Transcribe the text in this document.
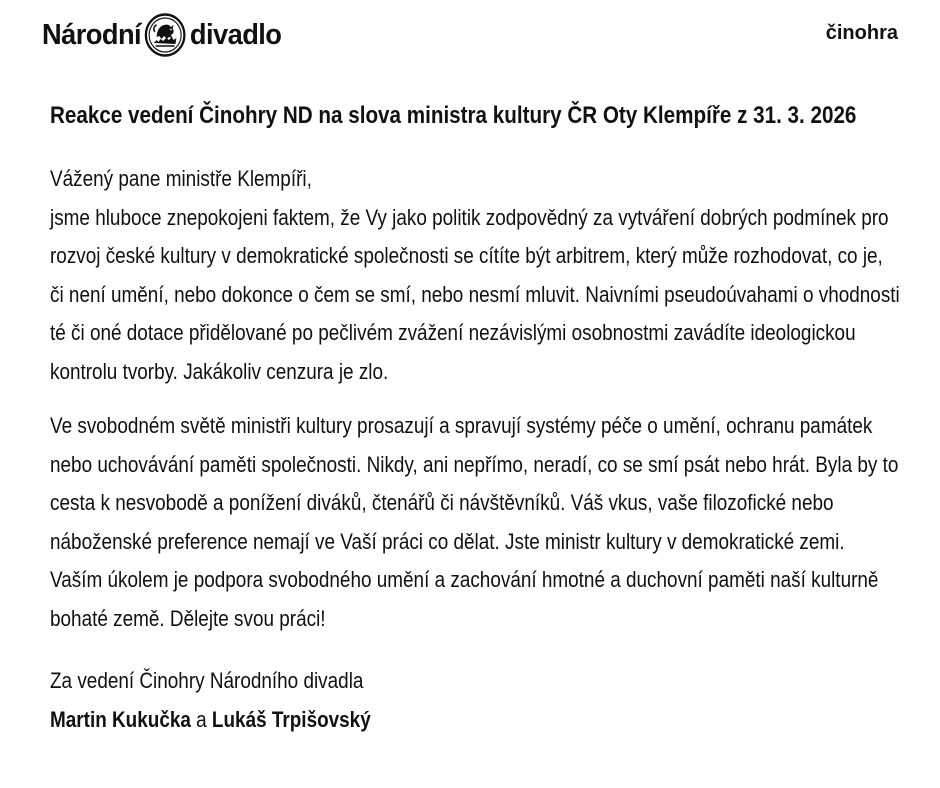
Národní divadlo	činohra
Reakce vedení Činohry ND na slova ministra kultury ČR Oty Klempíře z 31. 3. 2026

Vážený pane ministře Klempíři,

jsme hluboce znepokojeni faktem, že Vy jako politik zodpovědný za vytváření dobrých podmínek pro rozvoj české kultury v demokratické společnosti se cítíte být arbitrem, který může rozhodovat, co je, či není umění, nebo dokonce o čem se smí, nebo nesmí mluvit. Naivními pseudoúvahami o vhodnosti té či oné dotace přidělované po pečlivém zvážení nezávislými osobnostmi zavádíte ideologickou kontrolu tvorby. Jakákoliv cenzura je zlo.

Ve svobodném světě ministři kultury prosazují a spravují systémy péče o umění, ochranu památek nebo uchovávání paměti společnosti. Nikdy, ani nepřímo, neradí, co se smí psát nebo hrát. Byla by to cesta k nesvobodě a ponížení diváků, čtenářů či návštěvníků. Váš vkus, vaše filozofické nebo náboženské preference nemají ve Vaší práci co dělat. Jste ministr kultury v demokratické zemi. Vaším úkolem je podpora svobodného umění a zachování hmotné a duchovní paměti naší kulturně bohaté země. Dělejte svou práci!

Za vedení Činohry Národního divadla

Martin Kukučka a Lukáš Trpišovský
